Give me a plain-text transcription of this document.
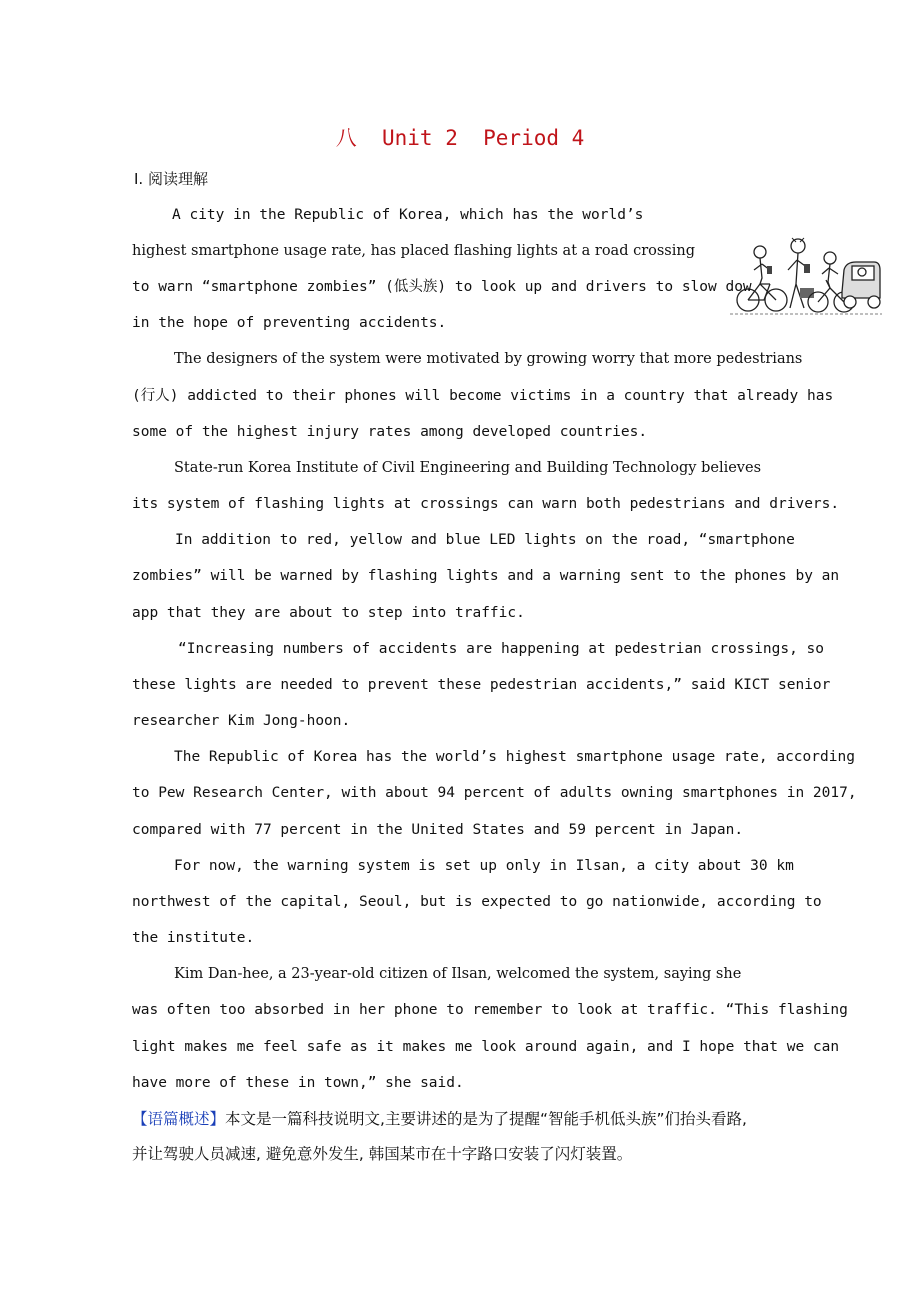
八  Unit 2  Period 4
Ⅰ. 阅读理解
A city in the Republic of Korea, which has the world’s
highest smartphone usage rate, has placed flashing lights at a road crossing
to warn “smartphone zombies” (低头族) to look up and drivers to slow dow
in the hope of preventing accidents.
The designers of the system were motivated by growing worry that more pedestrians
(行人) addicted to their phones will become victims in a country that already has
some of the highest injury rates among developed countries.
State-run Korea Institute of Civil Engineering and Building Technology believes
its system of flashing lights at crossings can warn both pedestrians and drivers.
In addition to red, yellow and blue LED lights on the road, “smartphone
zombies” will be warned by flashing lights and a warning sent to the phones by an
app that they are about to step into traffic.
“Increasing numbers of accidents are happening at pedestrian crossings, so
these lights are needed to prevent these pedestrian accidents,” said KICT senior
researcher Kim Jong-hoon.
The Republic of Korea has the world’s highest smartphone usage rate, according
to Pew Research Center, with about 94 percent of adults owning smartphones in 2017,
compared with 77 percent in the United States and 59 percent in Japan.
For now, the warning system is set up only in Ilsan, a city about 30 km
northwest of the capital, Seoul, but is expected to go nationwide, according to
the institute.
Kim Dan-hee, a 23-year-old citizen of Ilsan, welcomed the system, saying she
was often too absorbed in her phone to remember to look at traffic. “This flashing
light makes me feel safe as it makes me look around again, and I hope that we can
have more of these in town,” she said.
【语篇概述】本文是一篇科技说明文,主要讲述的是为了提醒“智能手机低头族”们抬头看路,
并让驾驶人员减速, 避免意外发生, 韩国某市在十字路口安装了闪灯装置。
